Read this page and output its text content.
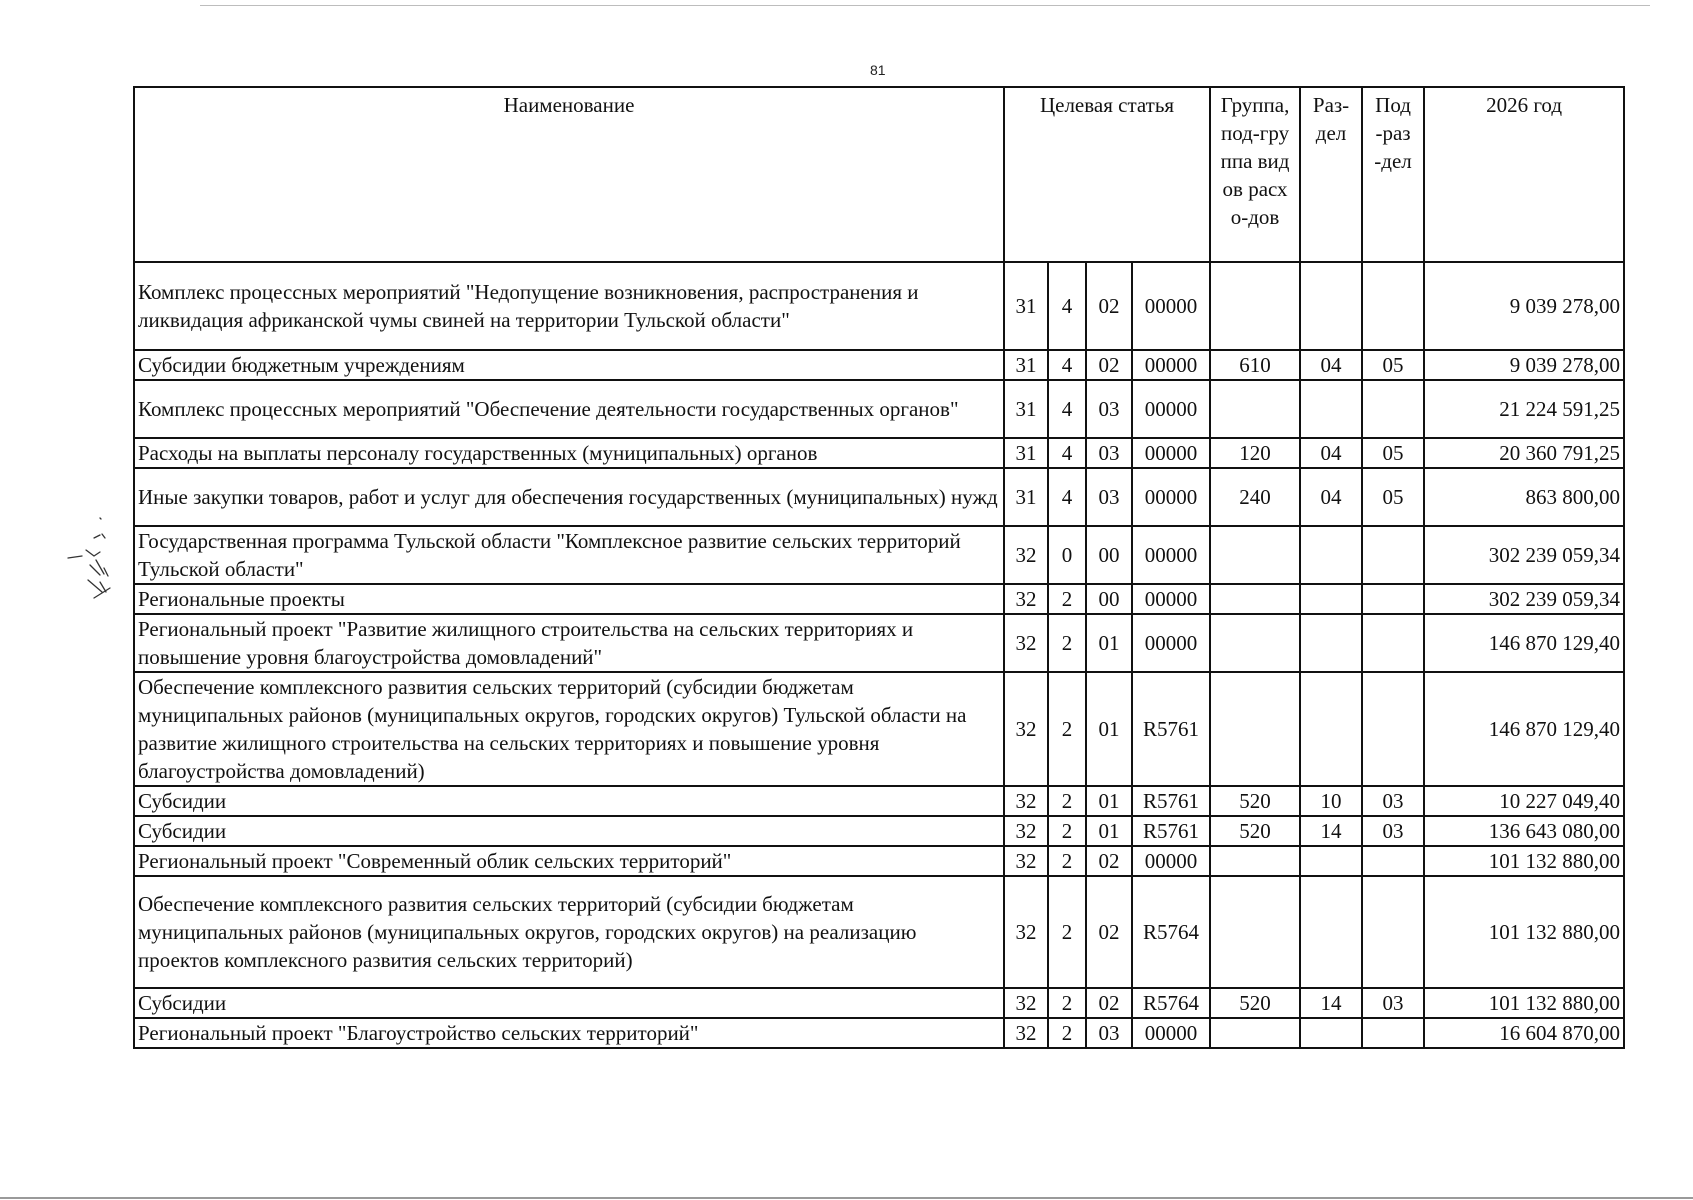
81
Наименование	Целевая статья				Группа, под-группа видов расхо-дов	Раз-дел	Под-раз-дел	2026 год
Комплекс процессных мероприятий "Недопущение возникновения, распространения и ликвидация африканской чумы свиней на территории Тульской области"	31	4	02	00000				9 039 278,00
Субсидии бюджетным учреждениям	31	4	02	00000	610	04	05	9 039 278,00
Комплекс процессных мероприятий "Обеспечение деятельности государственных органов"	31	4	03	00000				21 224 591,25
Расходы на выплаты персоналу государственных (муниципальных) органов	31	4	03	00000	120	04	05	20 360 791,25
Иные закупки товаров, работ и услуг для обеспечения государственных (муниципальных) нужд	31	4	03	00000	240	04	05	863 800,00
Государственная программа Тульской области "Комплексное развитие сельских территорий Тульской области"	32	0	00	00000				302 239 059,34
Региональные проекты	32	2	00	00000				302 239 059,34
Региональный проект "Развитие жилищного строительства на сельских территориях и повышение уровня благоустройства домовладений"	32	2	01	00000				146 870 129,40
Обеспечение комплексного развития сельских территорий (субсидии бюджетам муниципальных районов (муниципальных округов, городских округов) Тульской области на развитие жилищного строительства на сельских территориях и повышение уровня благоустройства домовладений)	32	2	01	R5761				146 870 129,40
Субсидии	32	2	01	R5761	520	10	03	10 227 049,40
Субсидии	32	2	01	R5761	520	14	03	136 643 080,00
Региональный проект "Современный облик сельских территорий"	32	2	02	00000				101 132 880,00
Обеспечение комплексного развития сельских территорий (субсидии бюджетам муниципальных районов (муниципальных округов, городских округов) на реализацию проектов комплексного развития сельских территорий)	32	2	02	R5764				101 132 880,00
Субсидии	32	2	02	R5764	520	14	03	101 132 880,00
Региональный проект "Благоустройство сельских территорий"	32	2	03	00000				16 604 870,00
